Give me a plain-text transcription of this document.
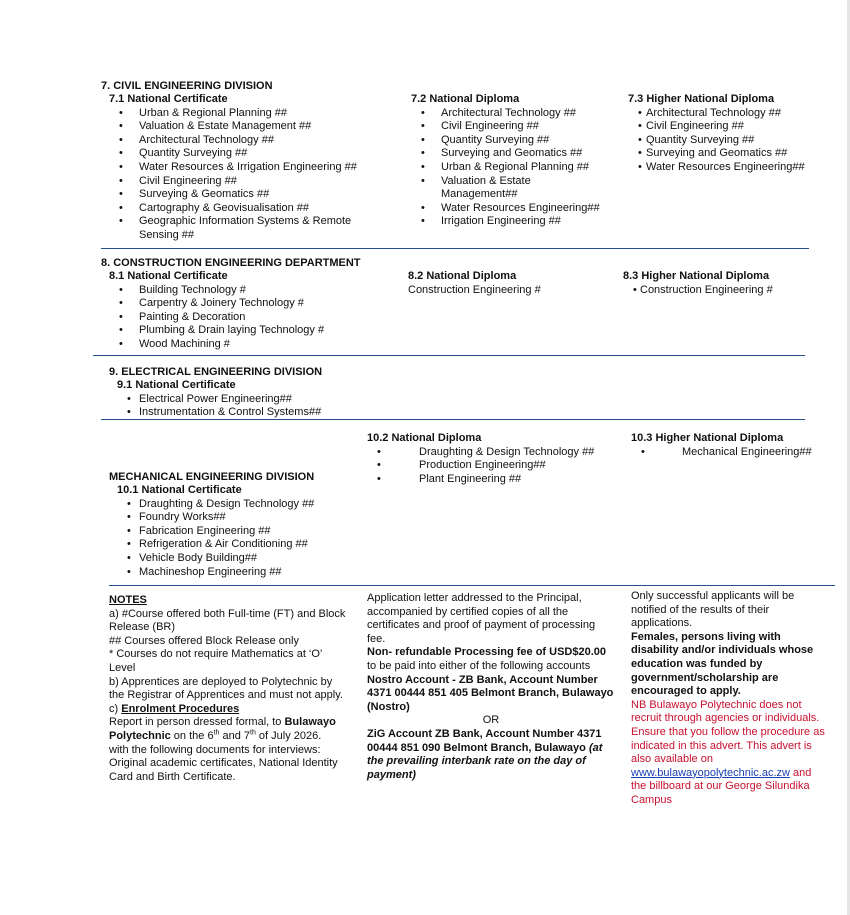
7. CIVIL ENGINEERING DIVISION
7.1 National Certificate
• Urban & Regional Planning ##
• Valuation & Estate Management ##
• Architectural Technology ##
• Quantity Surveying ##
• Water Resources & Irrigation Engineering ##
• Civil Engineering ##
• Surveying & Geomatics ##
• Cartography & Geovisualisation ##
• Geographic Information Systems & Remote Sensing ##
7.2 National Diploma
• Architectural Technology ##
• Civil Engineering ##
• Quantity Surveying ##
• Surveying and Geomatics ##
• Urban & Regional Planning ##
• Valuation & Estate Management##
• Water Resources Engineering##
• Irrigation Engineering ##
7.3 Higher National Diploma
• Architectural Technology ##
• Civil Engineering ##
• Quantity Surveying ##
• Surveying and Geomatics ##
• Water Resources Engineering##
8. CONSTRUCTION ENGINEERING DEPARTMENT
8.1 National Certificate
• Building Technology #
• Carpentry & Joinery Technology #
• Painting & Decoration
• Plumbing & Drain laying Technology #
• Wood Machining #
8.2 National Diploma
Construction Engineering #
8.3 Higher National Diploma
• Construction Engineering #
9. ELECTRICAL ENGINEERING DIVISION
9.1 National Certificate
• Electrical Power Engineering##
• Instrumentation & Control Systems##
10.2 National Diploma
• Draughting & Design Technology ##
• Production Engineering##
• Plant Engineering ##
10.3 Higher National Diploma
• Mechanical Engineering##
MECHANICAL ENGINEERING DIVISION
10.1 National Certificate
• Draughting & Design Technology ##
• Foundry Works##
• Fabrication Engineering ##
• Refrigeration & Air Conditioning ##
• Vehicle Body Building##
• Machineshop Engineering ##

NOTES

a) #Course offered both Full-time (FT) and Block Release (BR)

## Courses offered Block Release only

* Courses do not require Mathematics at ‘O’ Level

b) Apprentices are deployed to Polytechnic by the Registrar of Apprentices and must not apply.

c) Enrolment Procedures

Report in person dressed formal, to Bulawayo Polytechnic on the 6th and 7th of July 2026.

with the following documents for interviews: Original academic certificates, National Identity Card and Birth Certificate.

Application letter addressed to the Principal, accompanied by certified copies of all the certificates and proof of payment of processing fee.

Non- refundable Processing fee of USD$20.00 to be paid into either of the following accounts

Nostro Account - ZB Bank, Account Number 4371 00444 851 405 Belmont Branch, Bulawayo (Nostro)

OR

ZiG Account ZB Bank, Account Number 4371 00444 851 090 Belmont Branch, Bulawayo (at the prevailing interbank rate on the day of payment)

Only successful applicants will be notified of the results of their applications.

Females, persons living with disability and/or individuals whose education was funded by government/scholarship are encouraged to apply.

NB Bulawayo Polytechnic does not recruit through agencies or individuals. Ensure that you follow the procedure as indicated in this advert. This advert is also available on www.bulawayopolytechnic.ac.zw and the billboard at our George Silundika Campus
